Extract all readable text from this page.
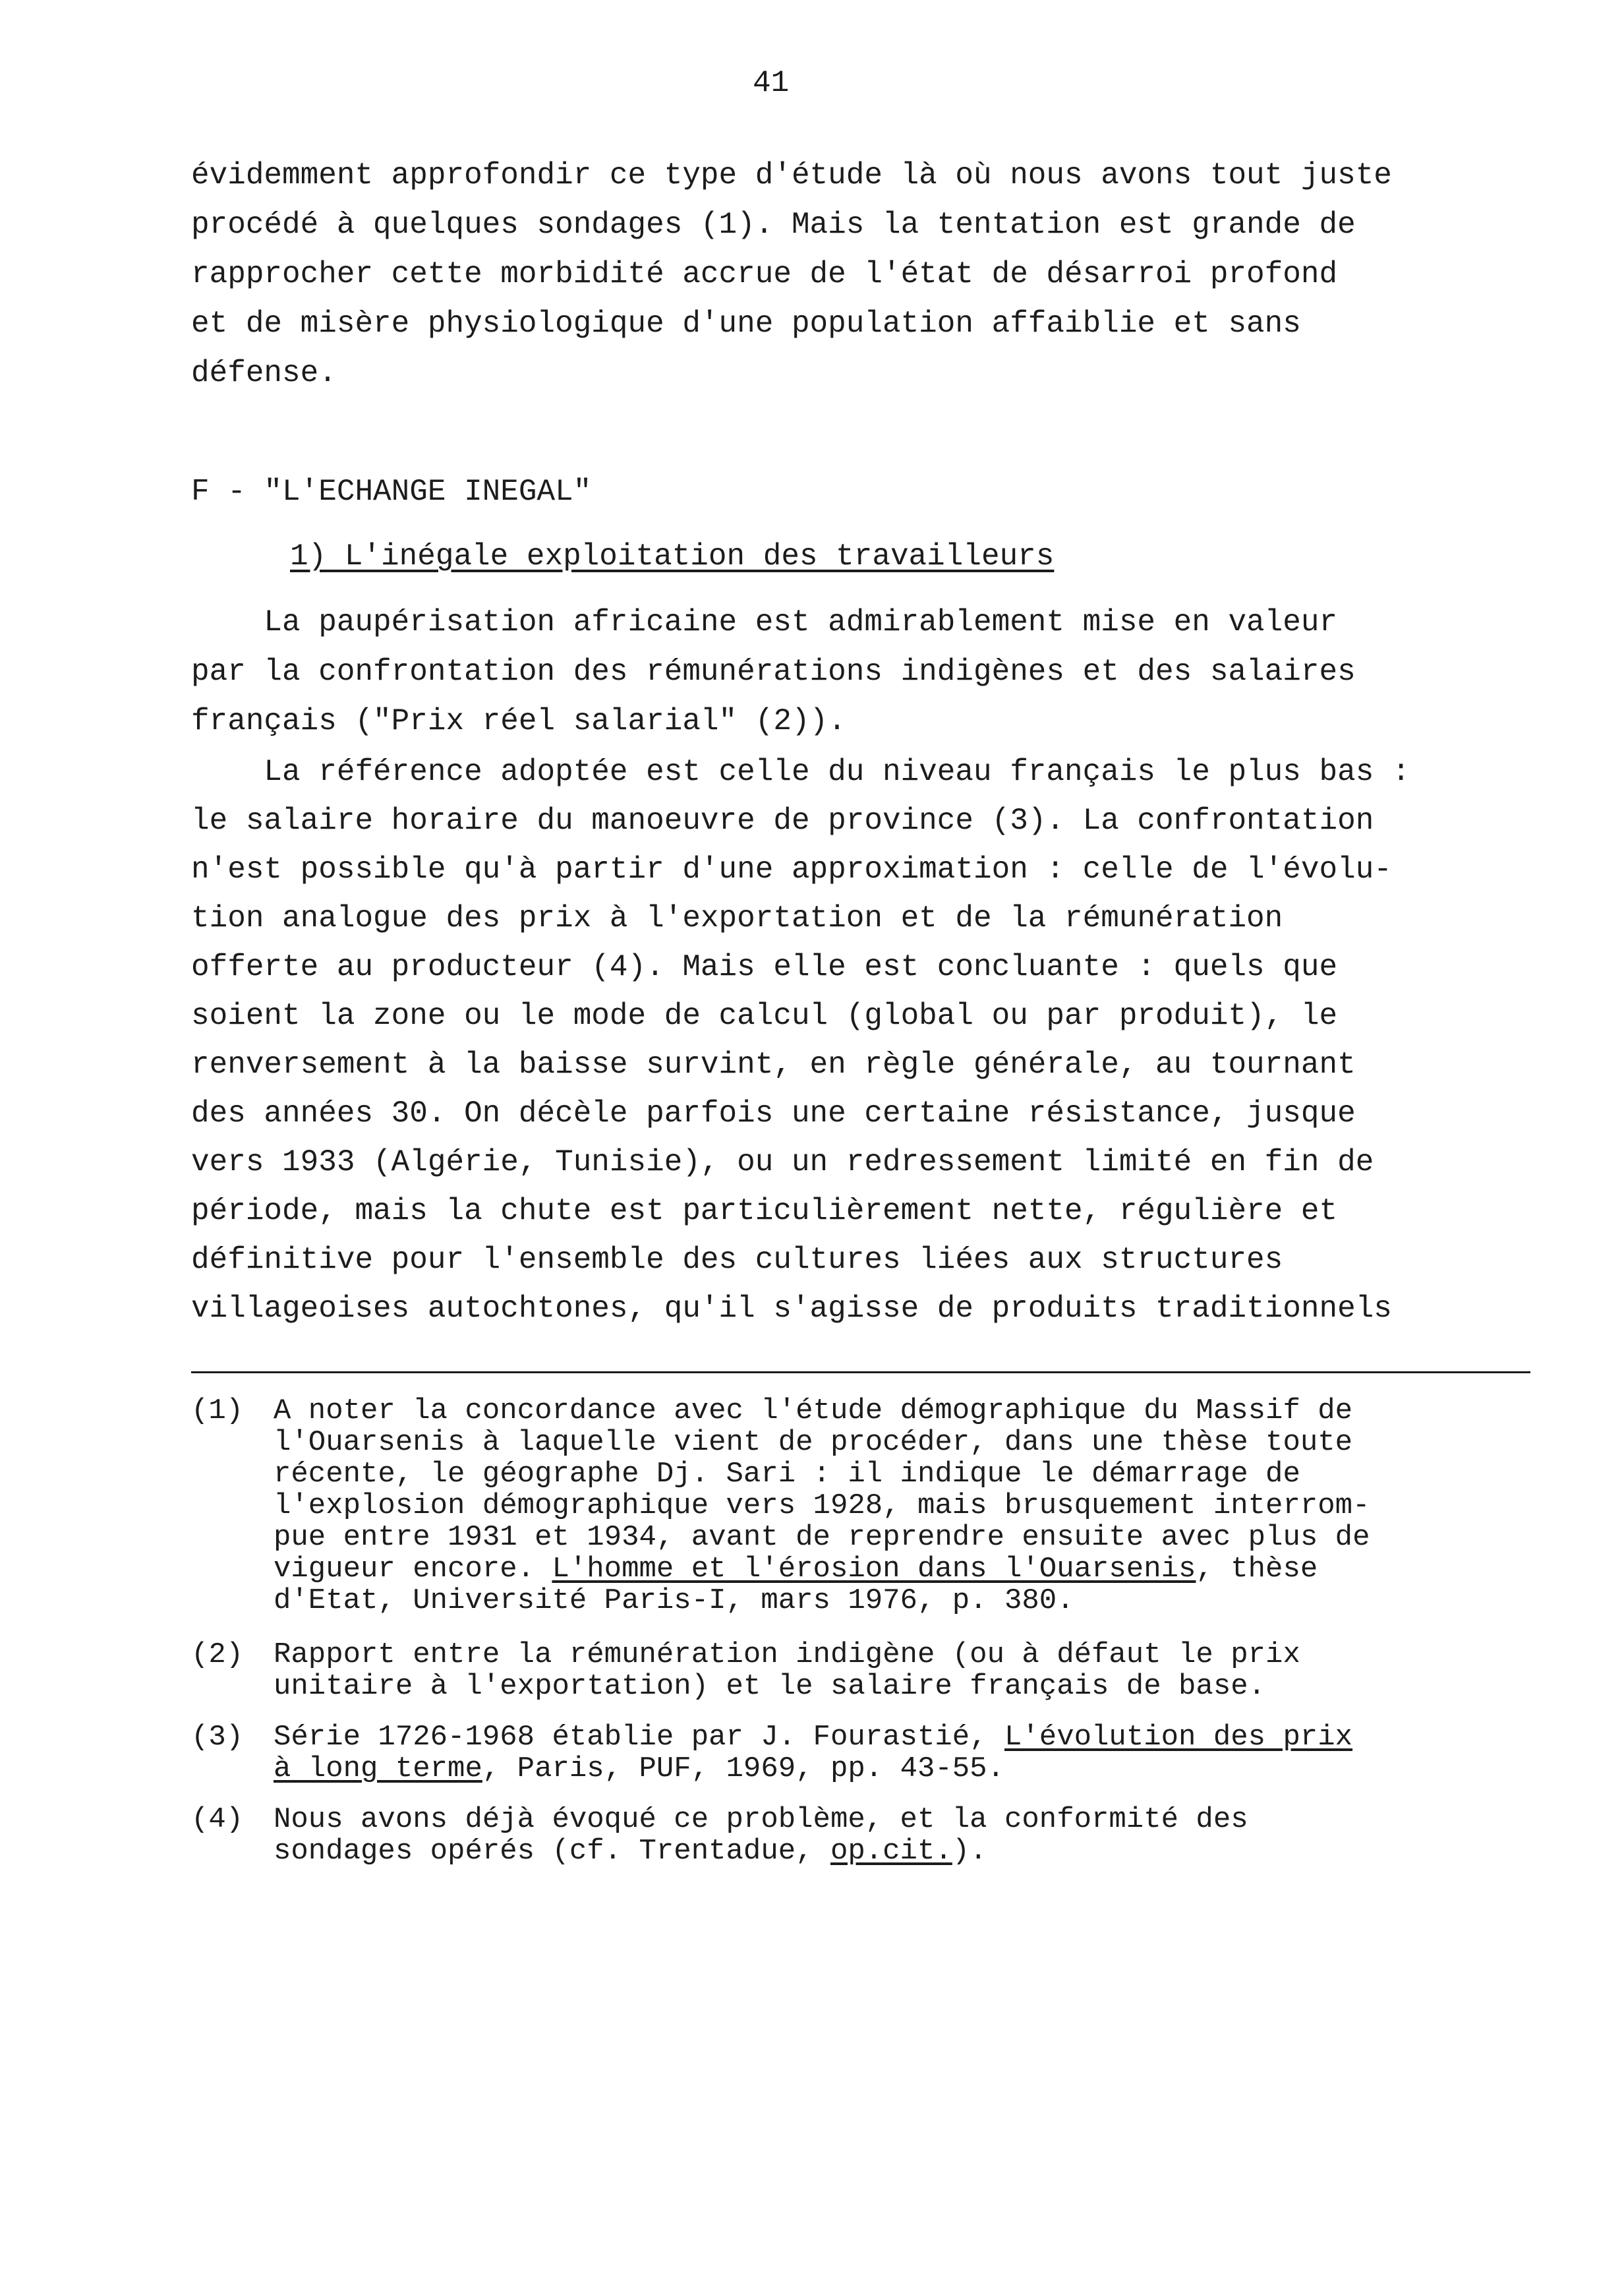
41
évidemment approfondir ce type d'étude là où nous avons tout juste
procédé à quelques sondages (1). Mais la tentation est grande de
rapprocher cette morbidité accrue de l'état de désarroi profond
et de misère physiologique d'une population affaiblie et sans
défense.
F - "L'ECHANGE INEGAL"
1) L'inégale exploitation des travailleurs
La paupérisation africaine est admirablement mise en valeur
par la confrontation des rémunérations indigènes et des salaires
français ("Prix réel salarial" (2)).
La référence adoptée est celle du niveau français le plus bas :
le salaire horaire du manoeuvre de province (3). La confrontation
n'est possible qu'à partir d'une approximation : celle de l'évolu-
tion analogue des prix à l'exportation et de la rémunération
offerte au producteur (4). Mais elle est concluante : quels que
soient la zone ou le mode de calcul (global ou par produit), le
renversement à la baisse survint, en règle générale, au tournant
des années 30. On décèle parfois une certaine résistance, jusque
vers 1933 (Algérie, Tunisie), ou un redressement limité en fin de
période, mais la chute est particulièrement nette, régulière et
définitive pour l'ensemble des cultures liées aux structures
villageoises autochtones, qu'il s'agisse de produits traditionnels
(1) A noter la concordance avec l'étude démographique du Massif de
l'Ouarsenis à laquelle vient de procéder, dans une thèse toute
récente, le géographe Dj. Sari : il indique le démarrage de
l'explosion démographique vers 1928, mais brusquement interrom-
pue entre 1931 et 1934, avant de reprendre ensuite avec plus de
vigueur encore. L'homme et l'érosion dans l'Ouarsenis, thèse
d'Etat, Université Paris-I, mars 1976, p. 380.
(2) Rapport entre la rémunération indigène (ou à défaut le prix
unitaire à l'exportation) et le salaire français de base.
(3) Série 1726-1968 établie par J. Fourastié, L'évolution des prix
à long terme, Paris, PUF, 1969, pp. 43-55.
(4) Nous avons déjà évoqué ce problème, et la conformité des
sondages opérés (cf. Trentadue, op.cit.).
